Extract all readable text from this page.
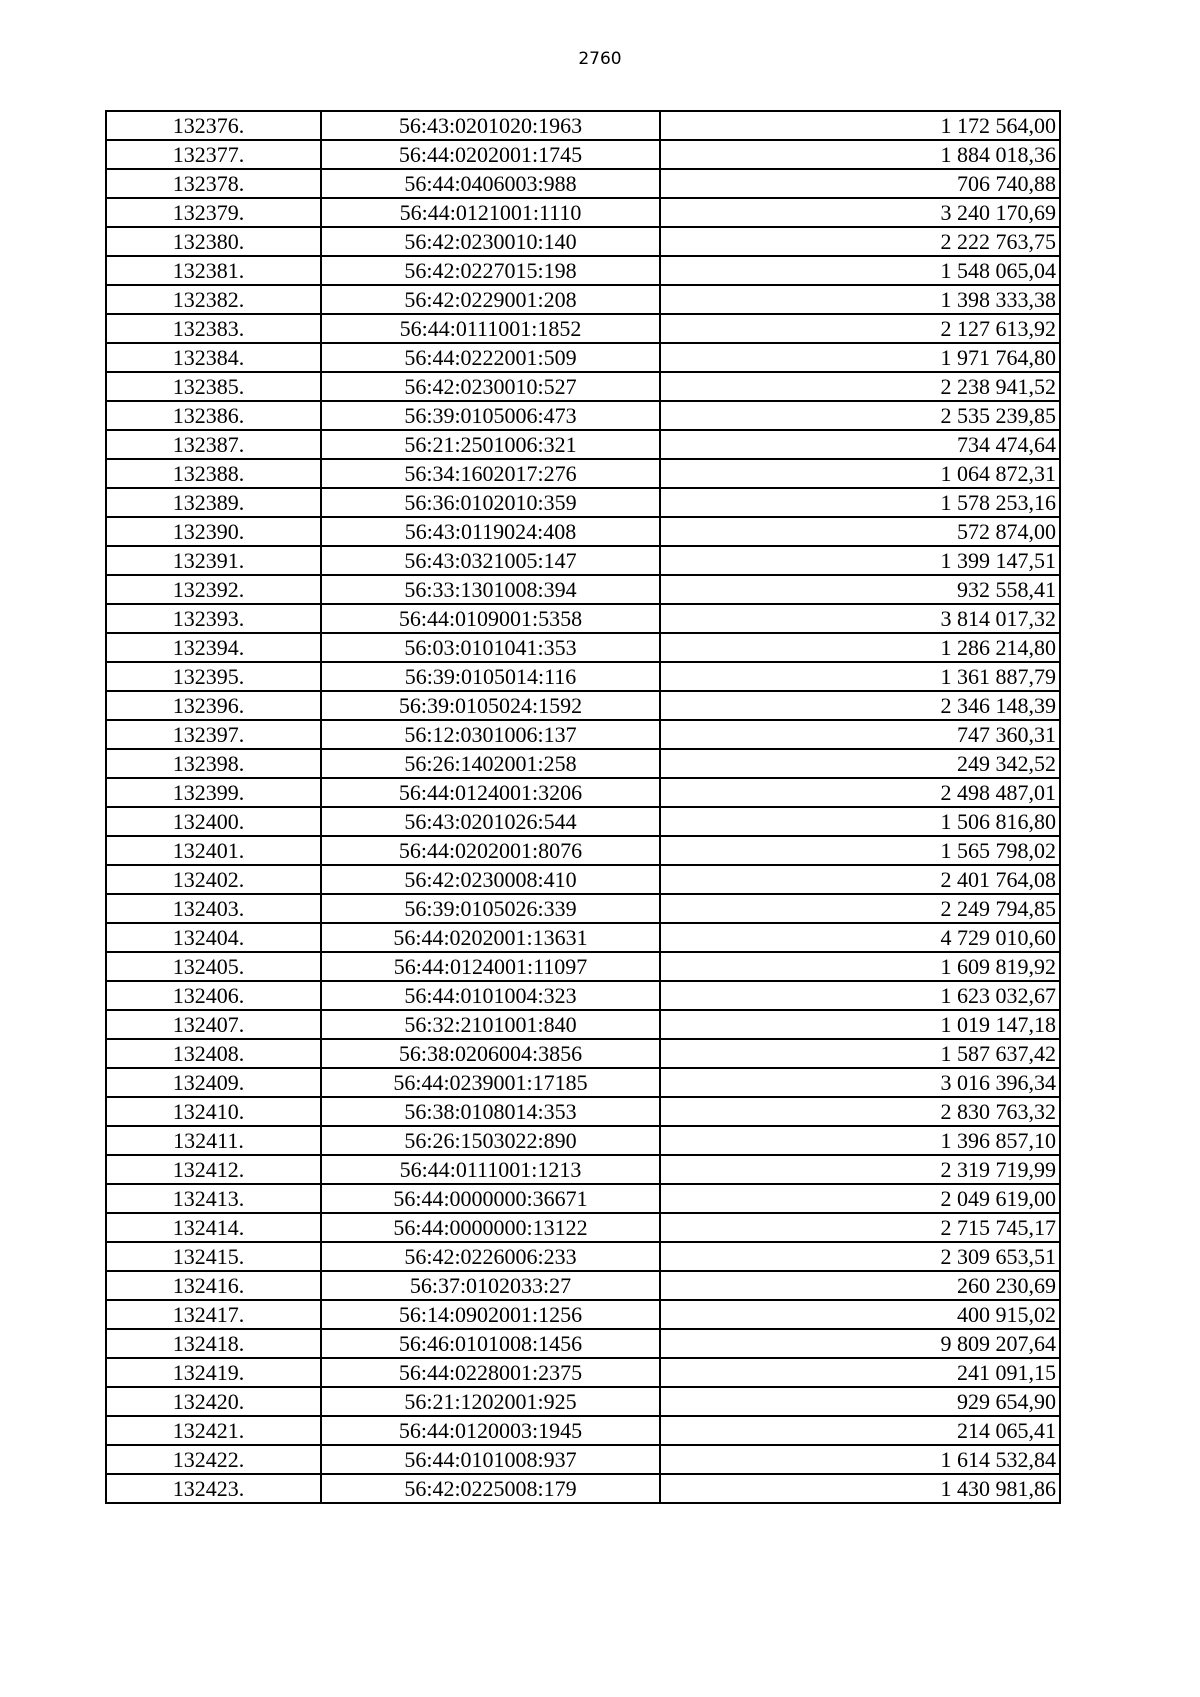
2760
132376.	56:43:0201020:1963	1 172 564,00
132377.	56:44:0202001:1745	1 884 018,36
132378.	56:44:0406003:988	706 740,88
132379.	56:44:0121001:1110	3 240 170,69
132380.	56:42:0230010:140	2 222 763,75
132381.	56:42:0227015:198	1 548 065,04
132382.	56:42:0229001:208	1 398 333,38
132383.	56:44:0111001:1852	2 127 613,92
132384.	56:44:0222001:509	1 971 764,80
132385.	56:42:0230010:527	2 238 941,52
132386.	56:39:0105006:473	2 535 239,85
132387.	56:21:2501006:321	734 474,64
132388.	56:34:1602017:276	1 064 872,31
132389.	56:36:0102010:359	1 578 253,16
132390.	56:43:0119024:408	572 874,00
132391.	56:43:0321005:147	1 399 147,51
132392.	56:33:1301008:394	932 558,41
132393.	56:44:0109001:5358	3 814 017,32
132394.	56:03:0101041:353	1 286 214,80
132395.	56:39:0105014:116	1 361 887,79
132396.	56:39:0105024:1592	2 346 148,39
132397.	56:12:0301006:137	747 360,31
132398.	56:26:1402001:258	249 342,52
132399.	56:44:0124001:3206	2 498 487,01
132400.	56:43:0201026:544	1 506 816,80
132401.	56:44:0202001:8076	1 565 798,02
132402.	56:42:0230008:410	2 401 764,08
132403.	56:39:0105026:339	2 249 794,85
132404.	56:44:0202001:13631	4 729 010,60
132405.	56:44:0124001:11097	1 609 819,92
132406.	56:44:0101004:323	1 623 032,67
132407.	56:32:2101001:840	1 019 147,18
132408.	56:38:0206004:3856	1 587 637,42
132409.	56:44:0239001:17185	3 016 396,34
132410.	56:38:0108014:353	2 830 763,32
132411.	56:26:1503022:890	1 396 857,10
132412.	56:44:0111001:1213	2 319 719,99
132413.	56:44:0000000:36671	2 049 619,00
132414.	56:44:0000000:13122	2 715 745,17
132415.	56:42:0226006:233	2 309 653,51
132416.	56:37:0102033:27	260 230,69
132417.	56:14:0902001:1256	400 915,02
132418.	56:46:0101008:1456	9 809 207,64
132419.	56:44:0228001:2375	241 091,15
132420.	56:21:1202001:925	929 654,90
132421.	56:44:0120003:1945	214 065,41
132422.	56:44:0101008:937	1 614 532,84
132423.	56:42:0225008:179	1 430 981,86
